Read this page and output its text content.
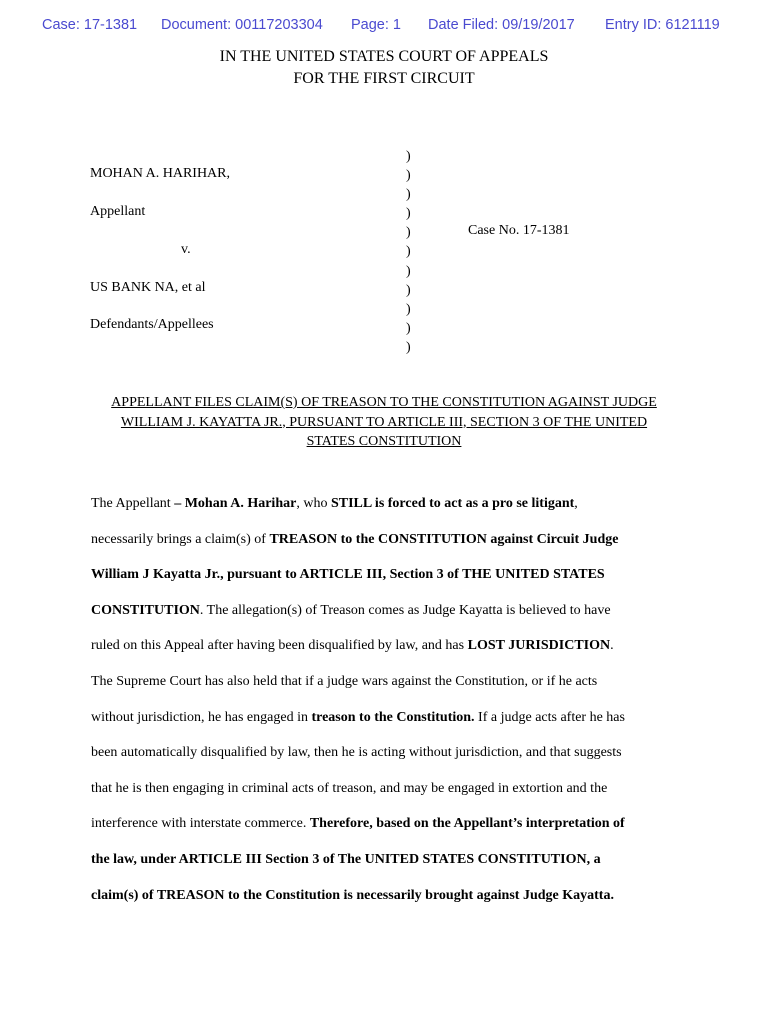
Case: 17-1381 Document: 00117203304 Page: 1 Date Filed: 09/19/2017 Entry ID: 6121119
IN THE UNITED STATES COURT OF APPEALS
FOR THE FIRST CIRCUIT
MOHAN A. HARIHAR,
Appellant
v.
US BANK NA, et al
Defendants/Appellees
)
)
)
)
)
)
)
)
)
)
)
Case No. 17-1381
APPELLANT FILES CLAIM(S) OF TREASON TO THE CONSTITUTION AGAINST JUDGE
WILLIAM J. KAYATTA JR., PURSUANT TO ARTICLE III, SECTION 3 OF THE UNITED
STATES CONSTITUTION
The Appellant – Mohan A. Harihar, who STILL is forced to act as a pro se litigant,
necessarily brings a claim(s) of TREASON to the CONSTITUTION against Circuit Judge
William J Kayatta Jr., pursuant to ARTICLE III, Section 3 of THE UNITED STATES
CONSTITUTION. The allegation(s) of Treason comes as Judge Kayatta is believed to have
ruled on this Appeal after having been disqualified by law, and has LOST JURISDICTION.
The Supreme Court has also held that if a judge wars against the Constitution, or if he acts
without jurisdiction, he has engaged in treason to the Constitution. If a judge acts after he has
been automatically disqualified by law, then he is acting without jurisdiction, and that suggests
that he is then engaging in criminal acts of treason, and may be engaged in extortion and the
interference with interstate commerce. Therefore, based on the Appellant’s interpretation of
the law, under ARTICLE III Section 3 of The UNITED STATES CONSTITUTION, a
claim(s) of TREASON to the Constitution is necessarily brought against Judge Kayatta.
